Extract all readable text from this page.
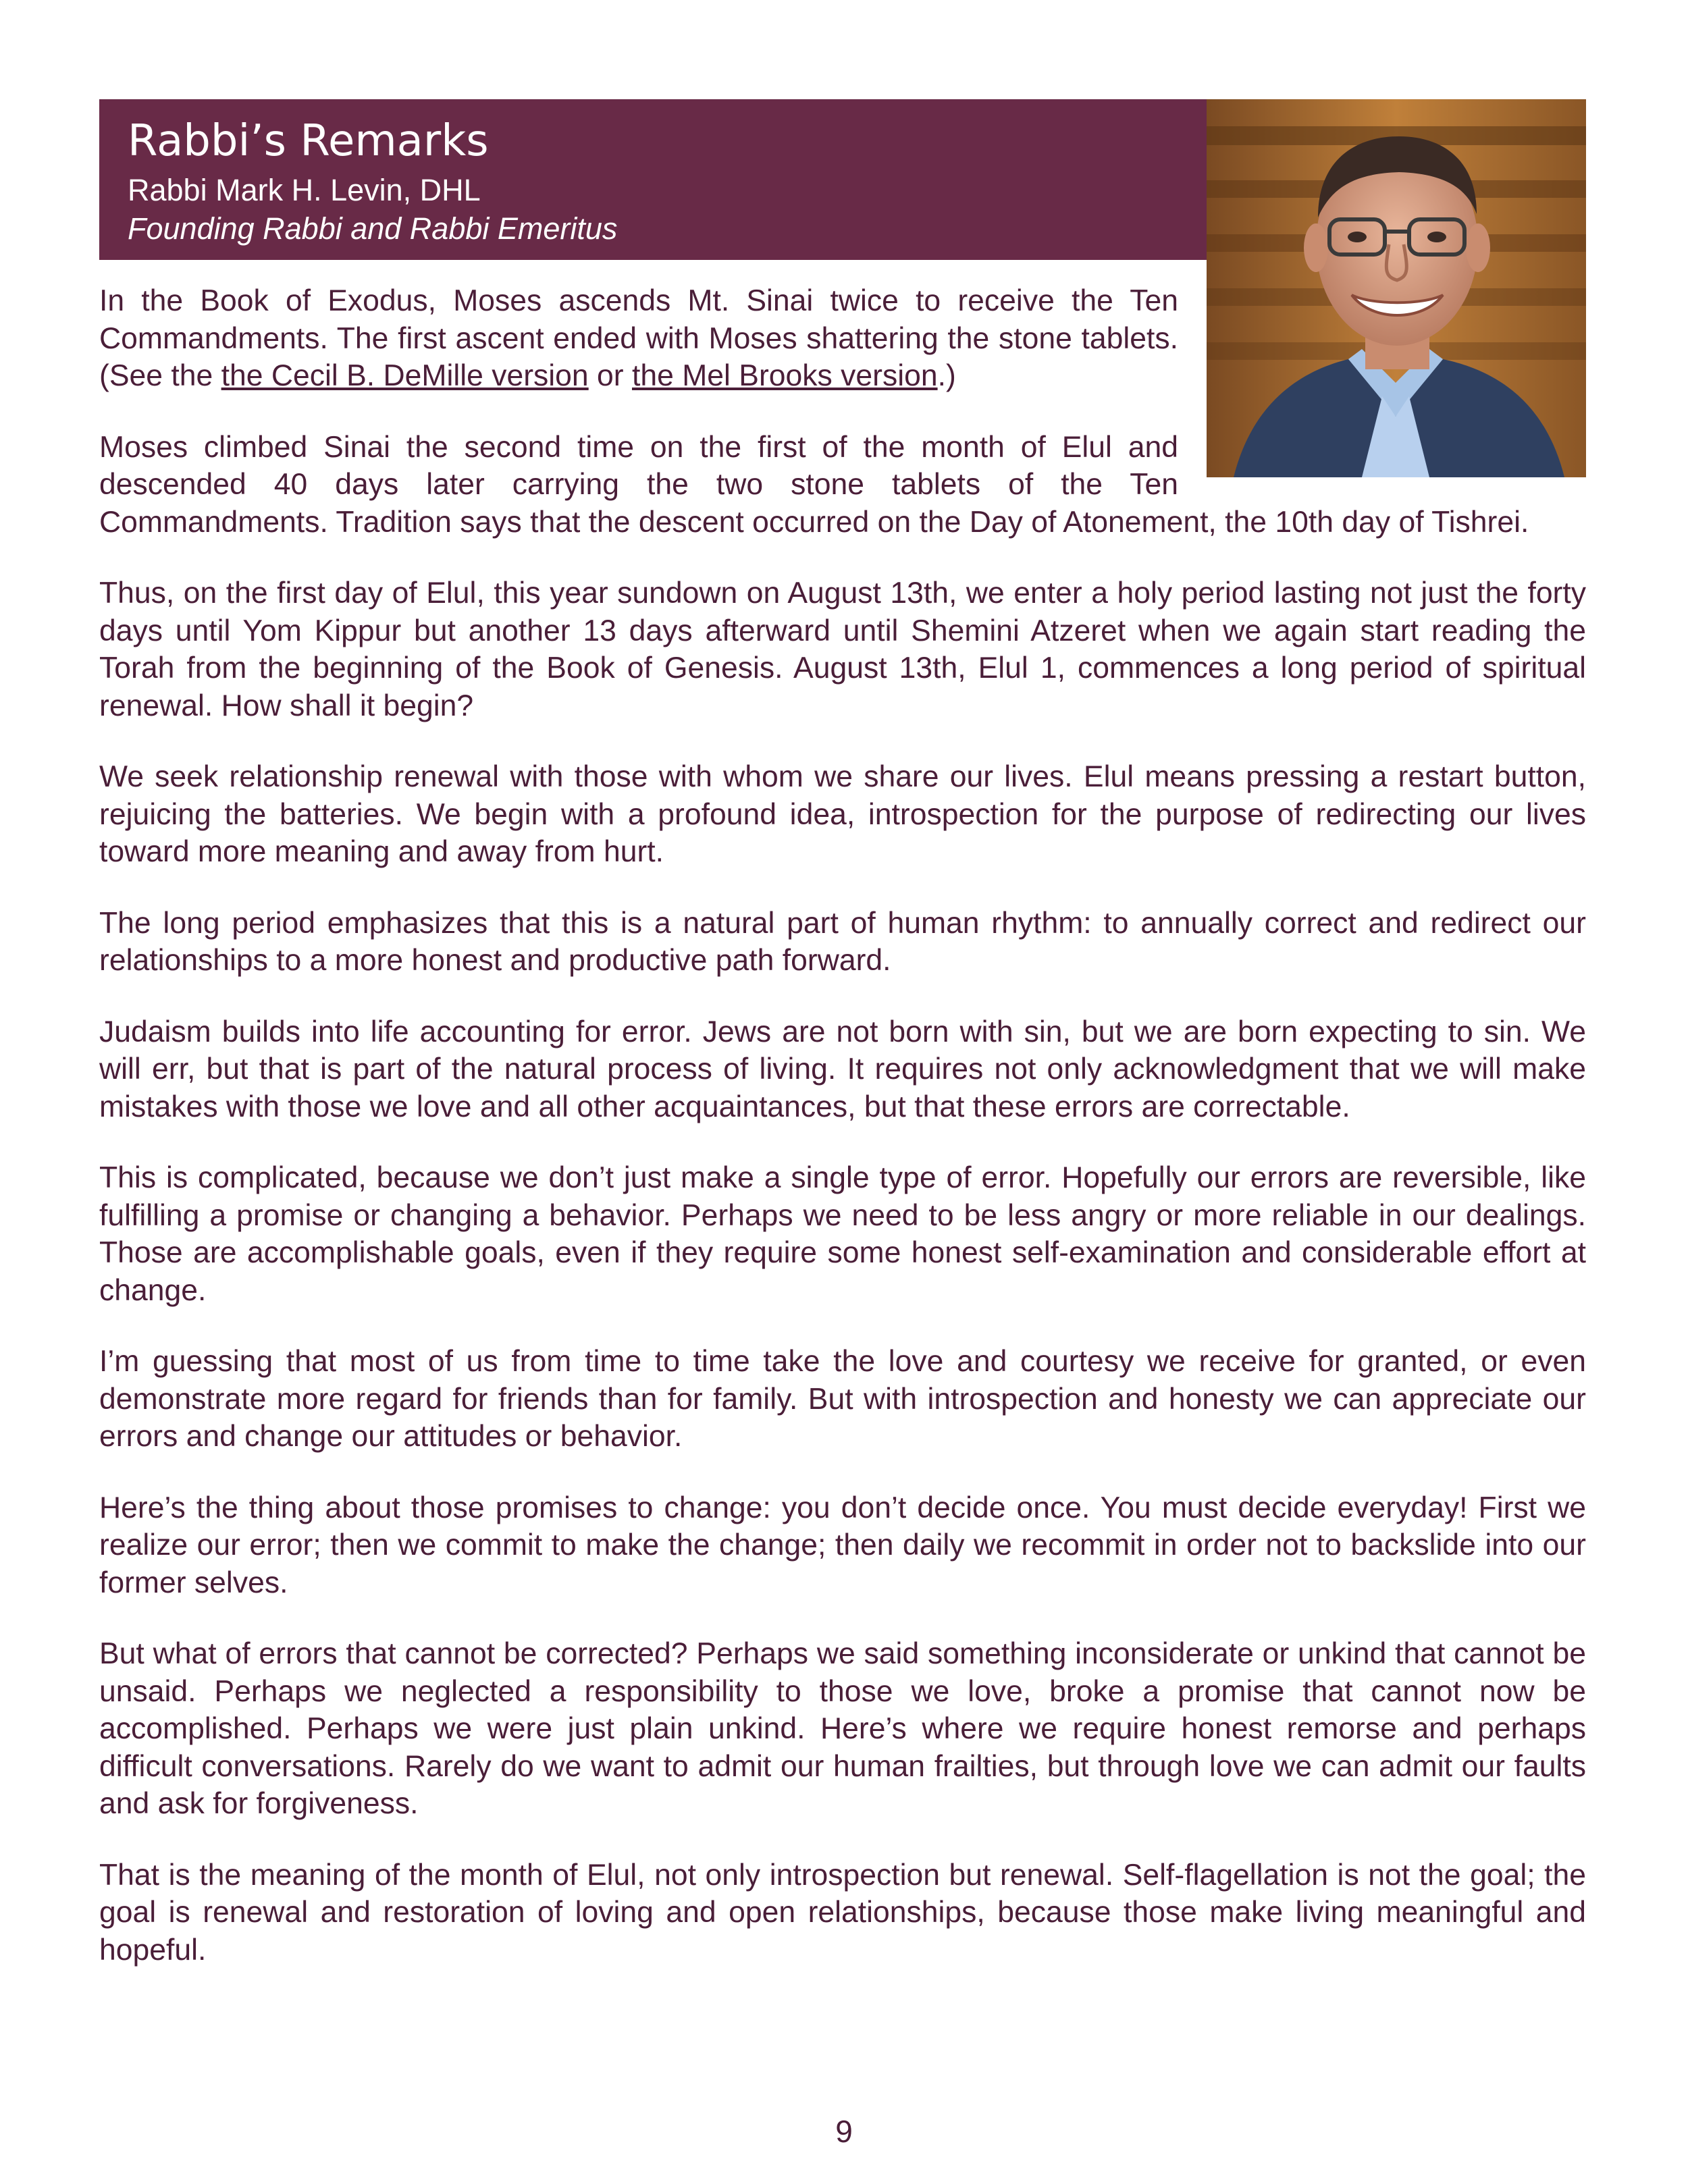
Rabbi’s Remarks
Rabbi Mark H. Levin, DHL
Founding Rabbi and Rabbi Emeritus

In the Book of Exodus, Moses ascends Mt. Sinai twice to receive the Ten Commandments. The first ascent ended with Moses shattering the stone tablets. (See the the Cecil B. DeMille version or the Mel Brooks version.)

Moses climbed Sinai the second time on the first of the month of Elul and descended 40 days later carrying the two stone tablets of the Ten Commandments. Tradition says that the descent occurred on the Day of Atonement, the 10th day of Tishrei.

Thus, on the first day of Elul, this year sundown on August 13th, we enter a holy period lasting not just the forty days until Yom Kippur but another 13 days afterward until Shemini Atzeret when we again start reading the Torah from the beginning of the Book of Genesis. August 13th, Elul 1, commences a long period of spiritual renewal. How shall it begin?

We seek relationship renewal with those with whom we share our lives. Elul means pressing a restart button, rejuicing the batteries. We begin with a profound idea, introspection for the purpose of redirecting our lives toward more meaning and away from hurt.

The long period emphasizes that this is a natural part of human rhythm: to annually correct and redirect our relationships to a more honest and productive path forward.

Judaism builds into life accounting for error. Jews are not born with sin, but we are born expecting to sin. We will err, but that is part of the natural process of living. It requires not only acknowledgment that we will make mistakes with those we love and all other acquaintances, but that these errors are correctable.

This is complicated, because we don’t just make a single type of error. Hopefully our errors are reversible, like fulfilling a promise or changing a behavior. Perhaps we need to be less angry or more reliable in our dealings. Those are accomplishable goals, even if they require some honest self-examination and considerable effort at change.

I’m guessing that most of us from time to time take the love and courtesy we receive for granted, or even demonstrate more regard for friends than for family. But with introspection and honesty we can appreciate our errors and change our attitudes or behavior.

Here’s the thing about those promises to change: you don’t decide once. You must decide everyday! First we realize our error; then we commit to make the change; then daily we recommit in order not to backslide into our former selves.

But what of errors that cannot be corrected? Perhaps we said something inconsiderate or unkind that cannot be unsaid. Perhaps we neglected a responsibility to those we love, broke a promise that cannot now be accomplished. Perhaps we were just plain unkind. Here’s where we require honest remorse and perhaps difficult conversations. Rarely do we want to admit our human frailties, but through love we can admit our faults and ask for forgiveness.

That is the meaning of the month of Elul, not only introspection but renewal. Self-flagellation is not the goal; the goal is renewal and restoration of loving and open relationships, because those make living meaningful and hopeful.

9
